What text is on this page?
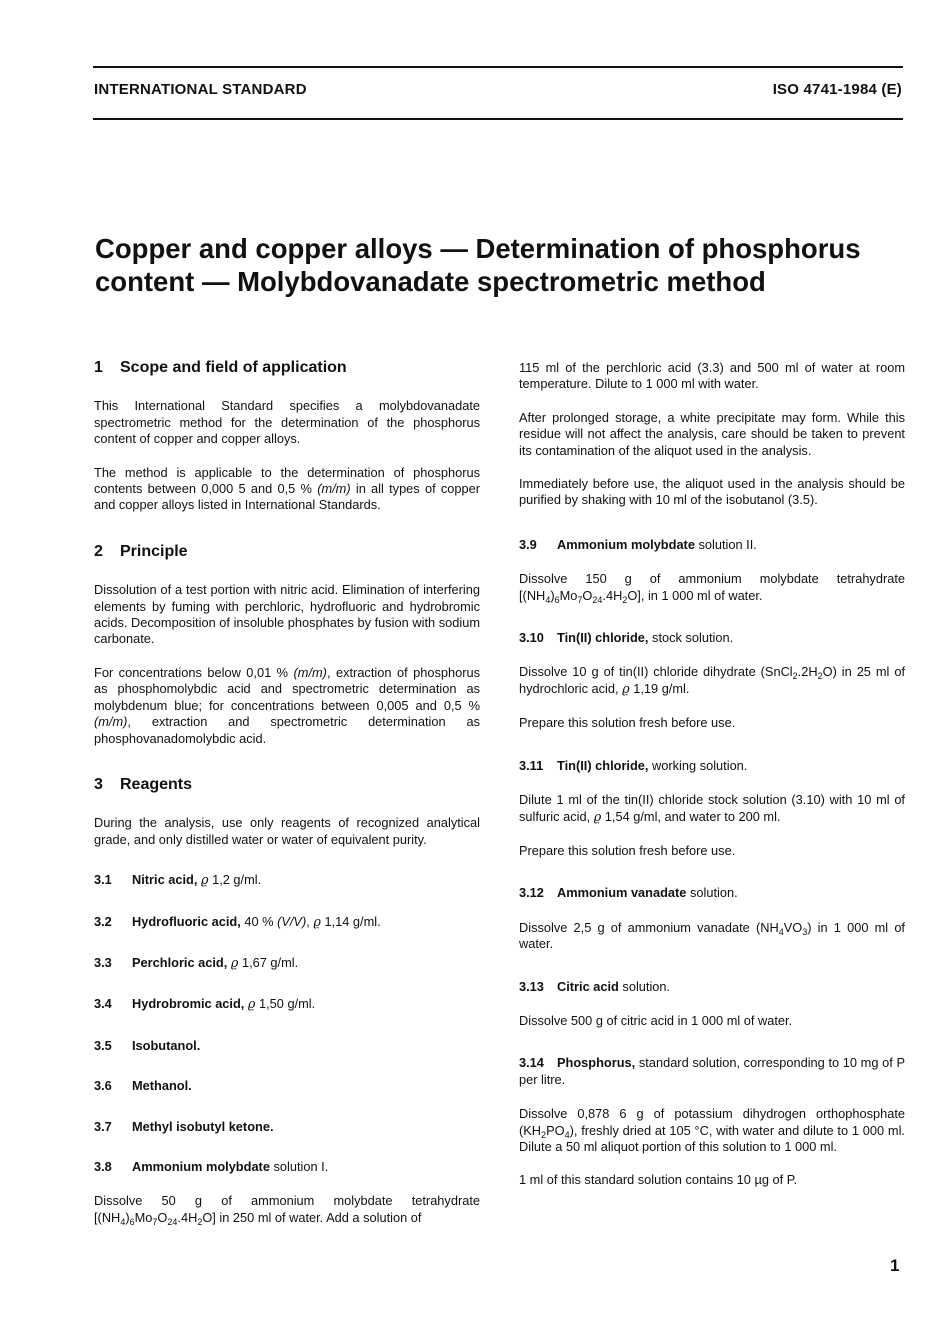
INTERNATIONAL STANDARD	ISO 4741-1984 (E)
Copper and copper alloys — Determination of phosphorus
content — Molybdovanadate spectrometric method
1 Scope and field of application

This International Standard specifies a molybdovanadate spectrometric method for the determination of the phosphorus content of copper and copper alloys.

The method is applicable to the determination of phosphorus contents between 0,000 5 and 0,5 % (m/m) in all types of copper and copper alloys listed in International Standards.

2 Principle

Dissolution of a test portion with nitric acid. Elimination of interfering elements by fuming with perchloric, hydrofluoric and hydrobromic acids. Decomposition of insoluble phosphates by fusion with sodium carbonate.

For concentrations below 0,01 % (m/m), extraction of phosphorus as phosphomolybdic acid and spectrometric determination as molybdenum blue; for concentrations between 0,005 and 0,5 % (m/m), extraction and spectrometric determination as phosphovanadomolybdic acid.

3 Reagents

During the analysis, use only reagents of recognized analytical grade, and only distilled water or water of equivalent purity.

3.1 Nitric acid, ϱ 1,2 g/ml.

3.2 Hydrofluoric acid, 40 % (V/V), ϱ 1,14 g/ml.

3.3 Perchloric acid, ϱ 1,67 g/ml.

3.4 Hydrobromic acid, ϱ 1,50 g/ml.

3.5 Isobutanol.

3.6 Methanol.

3.7 Methyl isobutyl ketone.

3.8 Ammonium molybdate solution I.

Dissolve 50 g of ammonium molybdate tetrahydrate $[(NH_4)_6Mo_7O_{24}.4H_2O]$ in 250 ml of water. Add a solution of

115 ml of the perchloric acid (3.3) and 500 ml of water at room temperature. Dilute to 1 000 ml with water.

After prolonged storage, a white precipitate may form. While this residue will not affect the analysis, care should be taken to prevent its contamination of the aliquot used in the analysis.

Immediately before use, the aliquot used in the analysis should be purified by shaking with 10 ml of the isobutanol (3.5).

3.9 Ammonium molybdate solution II.

Dissolve 150 g of ammonium molybdate tetrahydrate $[(NH_4)_6Mo_7O_{24}.4H_2O]$, in 1 000 ml of water.

3.10 Tin(II) chloride, stock solution.

Dissolve 10 g of tin(II) chloride dihydrate $(SnCl_2.2H_2O)$ in 25 ml of hydrochloric acid, ϱ 1,19 g/ml.

Prepare this solution fresh before use.

3.11 Tin(II) chloride, working solution.

Dilute 1 ml of the tin(II) chloride stock solution (3.10) with 10 ml of sulfuric acid, ϱ 1,54 g/ml, and water to 200 ml.

Prepare this solution fresh before use.

3.12 Ammonium vanadate solution.

Dissolve 2,5 g of ammonium vanadate $(NH_4VO_3)$ in 1 000 ml of water.

3.13 Citric acid solution.

Dissolve 500 g of citric acid in 1 000 ml of water.

3.14 Phosphorus, standard solution, corresponding to 10 mg of P per litre.

Dissolve 0,878 6 g of potassium dihydrogen orthophosphate $(KH_2PO_4)$, freshly dried at 105 °C, with water and dilute to 1 000 ml. Dilute a 50 ml aliquot portion of this solution to 1 000 ml.

1 ml of this standard solution contains 10 µg of P.

1
